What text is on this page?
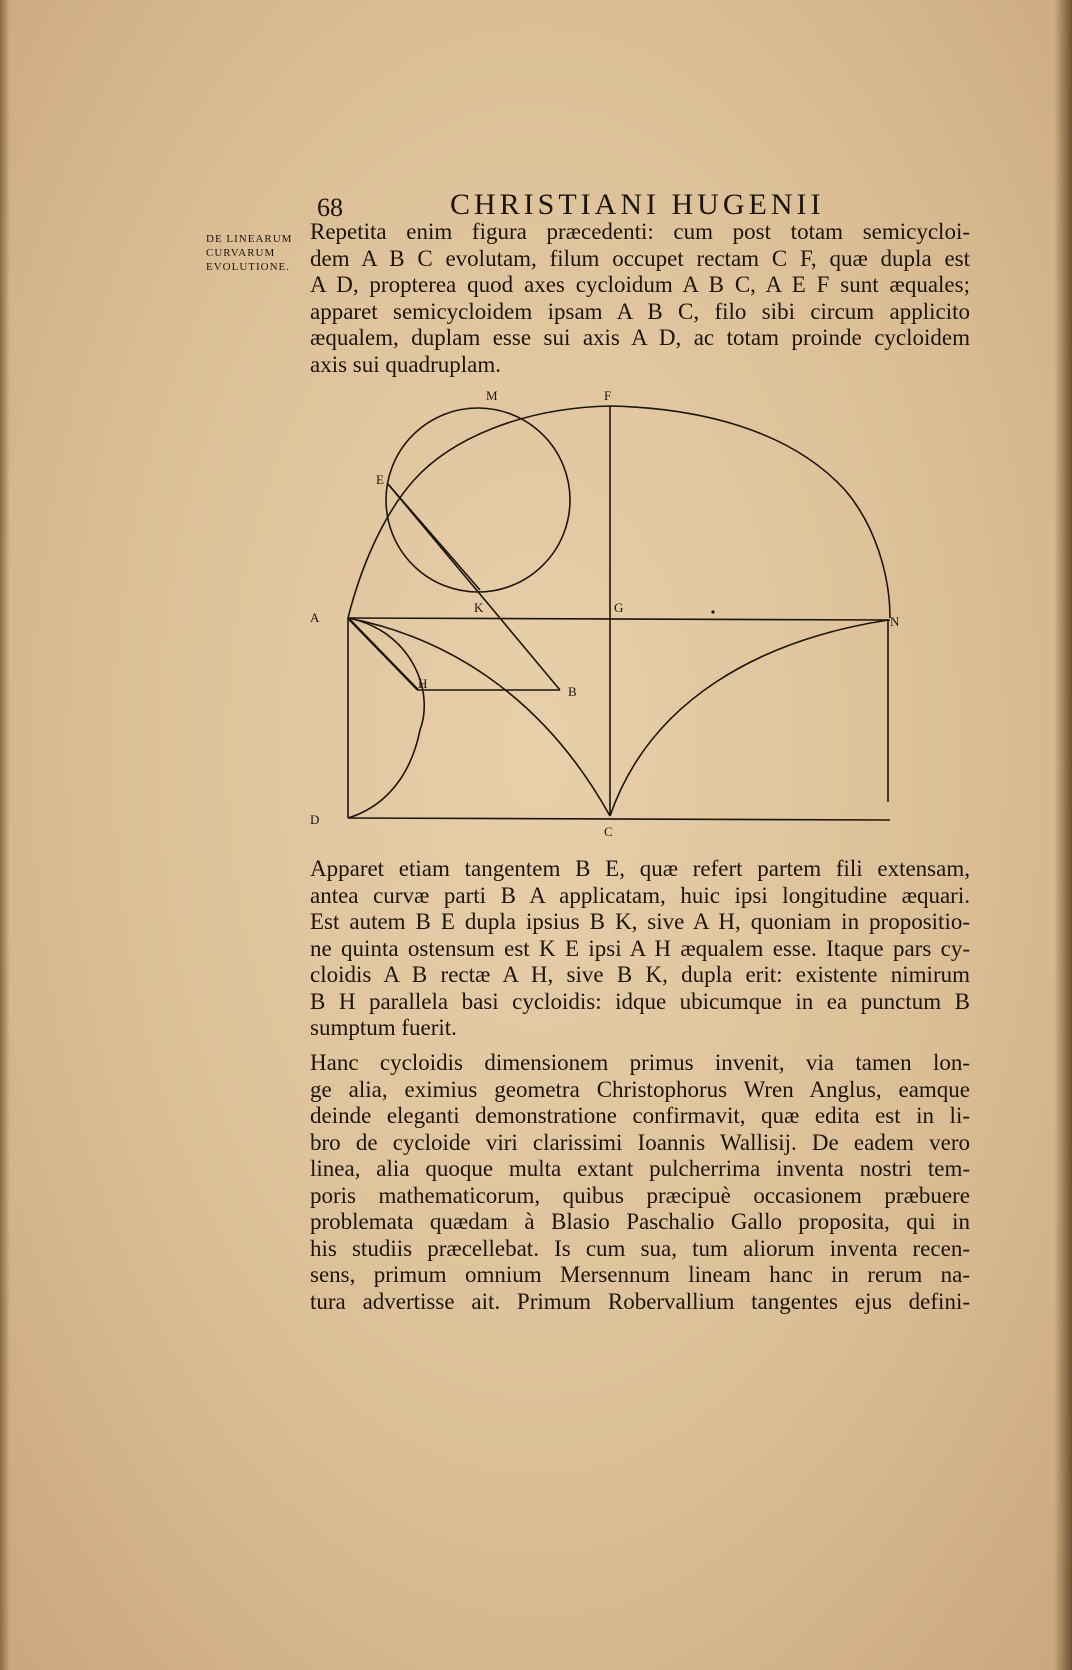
68	CHRISTIANI HUGENII
DE LINEARUM
CURVARUM
EVOLUTIONE.
Repetita enim figura præcedenti: cum post totam semicycloi-
dem A B C evolutam, filum occupet rectam C F, quæ dupla est
A D, propterea quod axes cycloidum A B C, A E F sunt æquales;
apparet semicycloidem ipsam A B C, filo sibi circum applicito
æqualem, duplam esse sui axis A D, ac totam proinde cycloidem
axis sui quadruplam.
M	F
E
A
K	G
N
H
B
D
C
Apparet etiam tangentem B E, quæ refert partem fili extensam,
antea curvæ parti B A applicatam, huic ipsi longitudine æquari.
Est autem B E dupla ipsius B K, sive A H, quoniam in propositio-
ne quinta ostensum est K E ipsi A H æqualem esse. Itaque pars cy-
cloidis A B rectæ A H, sive B K, dupla erit: existente nimirum
B H parallela basi cycloidis: idque ubicumque in ea punctum B
sumptum fuerit.
Hanc cycloidis dimensionem primus invenit, via tamen lon-
ge alia, eximius geometra Christophorus Wren Anglus, eamque
deinde eleganti demonstratione confirmavit, quæ edita est in li-
bro de cycloide viri clarissimi Ioannis Wallisij. De eadem vero
linea, alia quoque multa extant pulcherrima inventa nostri tem-
poris mathematicorum, quibus præcipuè occasionem præbuere
problemata quædam à Blasio Paschalio Gallo proposita, qui in
his studiis præcellebat. Is cum sua, tum aliorum inventa recen-
sens, primum omnium Mersennum lineam hanc in rerum na-
tura advertisse ait. Primum Robervallium tangentes ejus defini-
